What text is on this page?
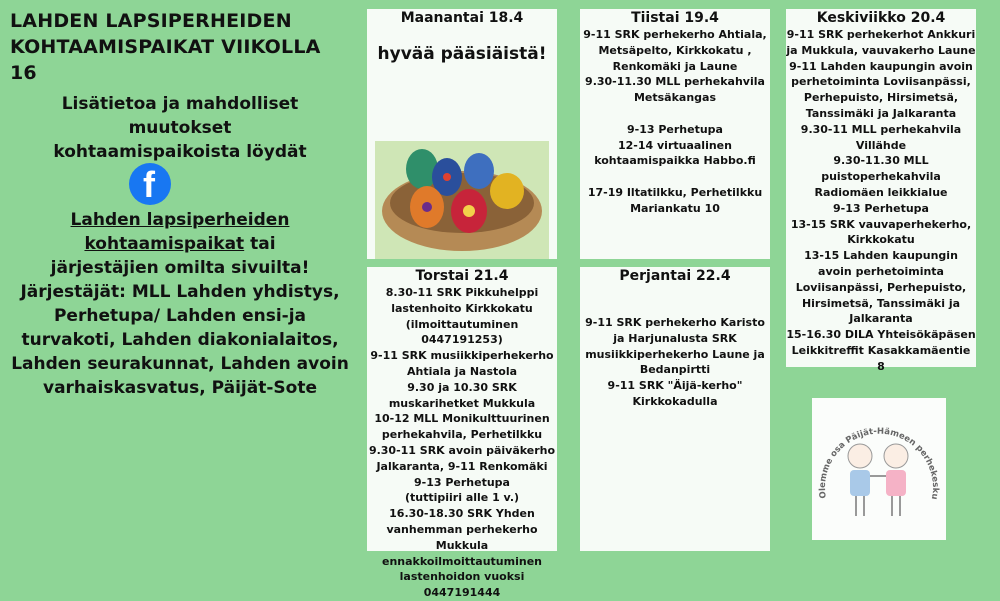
LAHDEN LAPSIPERHEIDEN
KOHTAAMISPAIKAT VIIKOLLA 16
Lisätietoa ja mahdolliset
muutokset
kohtaamispaikoista löydät
f
Lahden lapsiperheiden
kohtaamispaikat tai
järjestäjien omilta sivuilta!
Järjestäjät: MLL Lahden yhdistys, Perhetupa/ Lahden ensi-ja turvakoti, Lahden diakonialaitos, Lahden seurakunnat, Lahden avoin varhaiskasvatus, Päijät-Sote
Maanantai 18.4
hyvää pääsiäistä!
Tiistai 19.4
9-11 SRK perhekerho Ahtiala, Metsäpelto, Kirkkokatu ,
Renkomäki ja Laune
9.30-11.30 MLL perhekahvila Metsäkangas

9-13 Perhetupa
12-14 virtuaalinen kohtaamispaikka Habbo.fi

17-19 Iltatilkku, Perhetilkku Mariankatu 10
Keskiviikko 20.4
9-11 SRK perhekerhot Ankkuri ja Mukkula, vauvakerho Laune
9-11 Lahden kaupungin avoin perhetoiminta Loviisanpässi, Perhepuisto, Hirsimetsä, Tanssimäki ja Jalkaranta
9.30-11 MLL perhekahvila Villähde
9.30-11.30 MLL puistoperhekahvila Radiomäen leikkialue
9-13 Perhetupa
13-15 SRK vauvaperhekerho, Kirkkokatu
13-15 Lahden kaupungin avoin perhetoiminta Loviisanpässi, Perhepuisto, Hirsimetsä, Tanssimäki ja Jalkaranta
15-16.30 DILA Yhteisökäpäsen Leikkitreffit Kasakkamäentie 8
Torstai 21.4
8.30-11 SRK Pikkuhelppi lastenhoito Kirkkokatu
(ilmoittautuminen 0447191253)
9-11 SRK musiikkiperhekerho Ahtiala ja Nastola
9.30 ja 10.30 SRK muskarihetket Mukkula
10-12 MLL Monikulttuurinen perhekahvila, Perhetilkku
9.30-11 SRK avoin päiväkerho Jalkaranta, 9-11 Renkomäki
9-13 Perhetupa
(tuttipiiri alle 1 v.)
16.30-18.30 SRK Yhden vanhemman perhekerho Mukkula ennakkoilmoittautuminen lastenhoidon vuoksi 0447191444
Perjantai 22.4
9-11 SRK perhekerho Karisto ja Harjunalusta SRK musiikkiperhekerho Laune ja Bedanpirtti
9-11 SRK "Äijä-kerho" Kirkkokadulla
Olemme osa Päijät-Hämeen perhekesku
